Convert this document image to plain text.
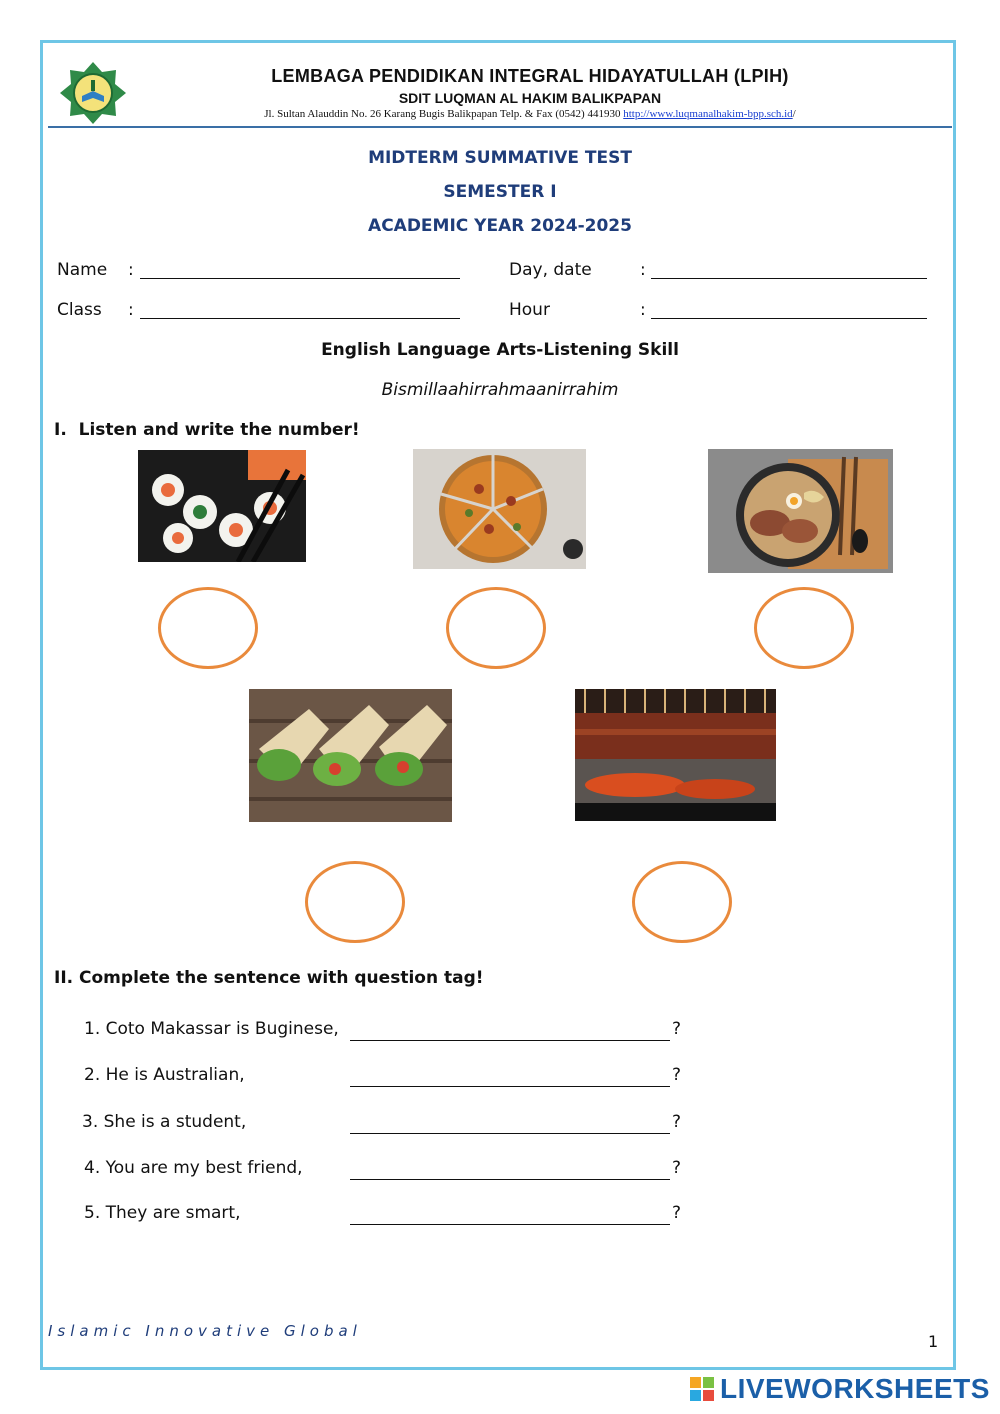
LEMBAGA PENDIDIKAN INTEGRAL HIDAYATULLAH (LPIH)
SDIT LUQMAN AL HAKIM BALIKPAPAN
Jl. Sultan Alauddin No. 26 Karang Bugis Balikpapan Telp. & Fax (0542) 441930 http://www.luqmanalhakim-bpp.sch.id/
MIDTERM SUMMATIVE TEST
SEMESTER I
ACADEMIC YEAR 2024-2025
Name :	Day, date	:
Class :	Hour	:
English Language Arts-Listening Skill
Bismillaahirrahmaanirrahim
I. Listen and write the number!
II. Complete the sentence with question tag!
1. Coto Makassar is Buginese,	?
2. He is Australian,	?
3. She is a student,	?
4. You are my best friend,	?
5. They are smart,	?
Islamic Innovative Global
1
LIVEWORKSHEETS
